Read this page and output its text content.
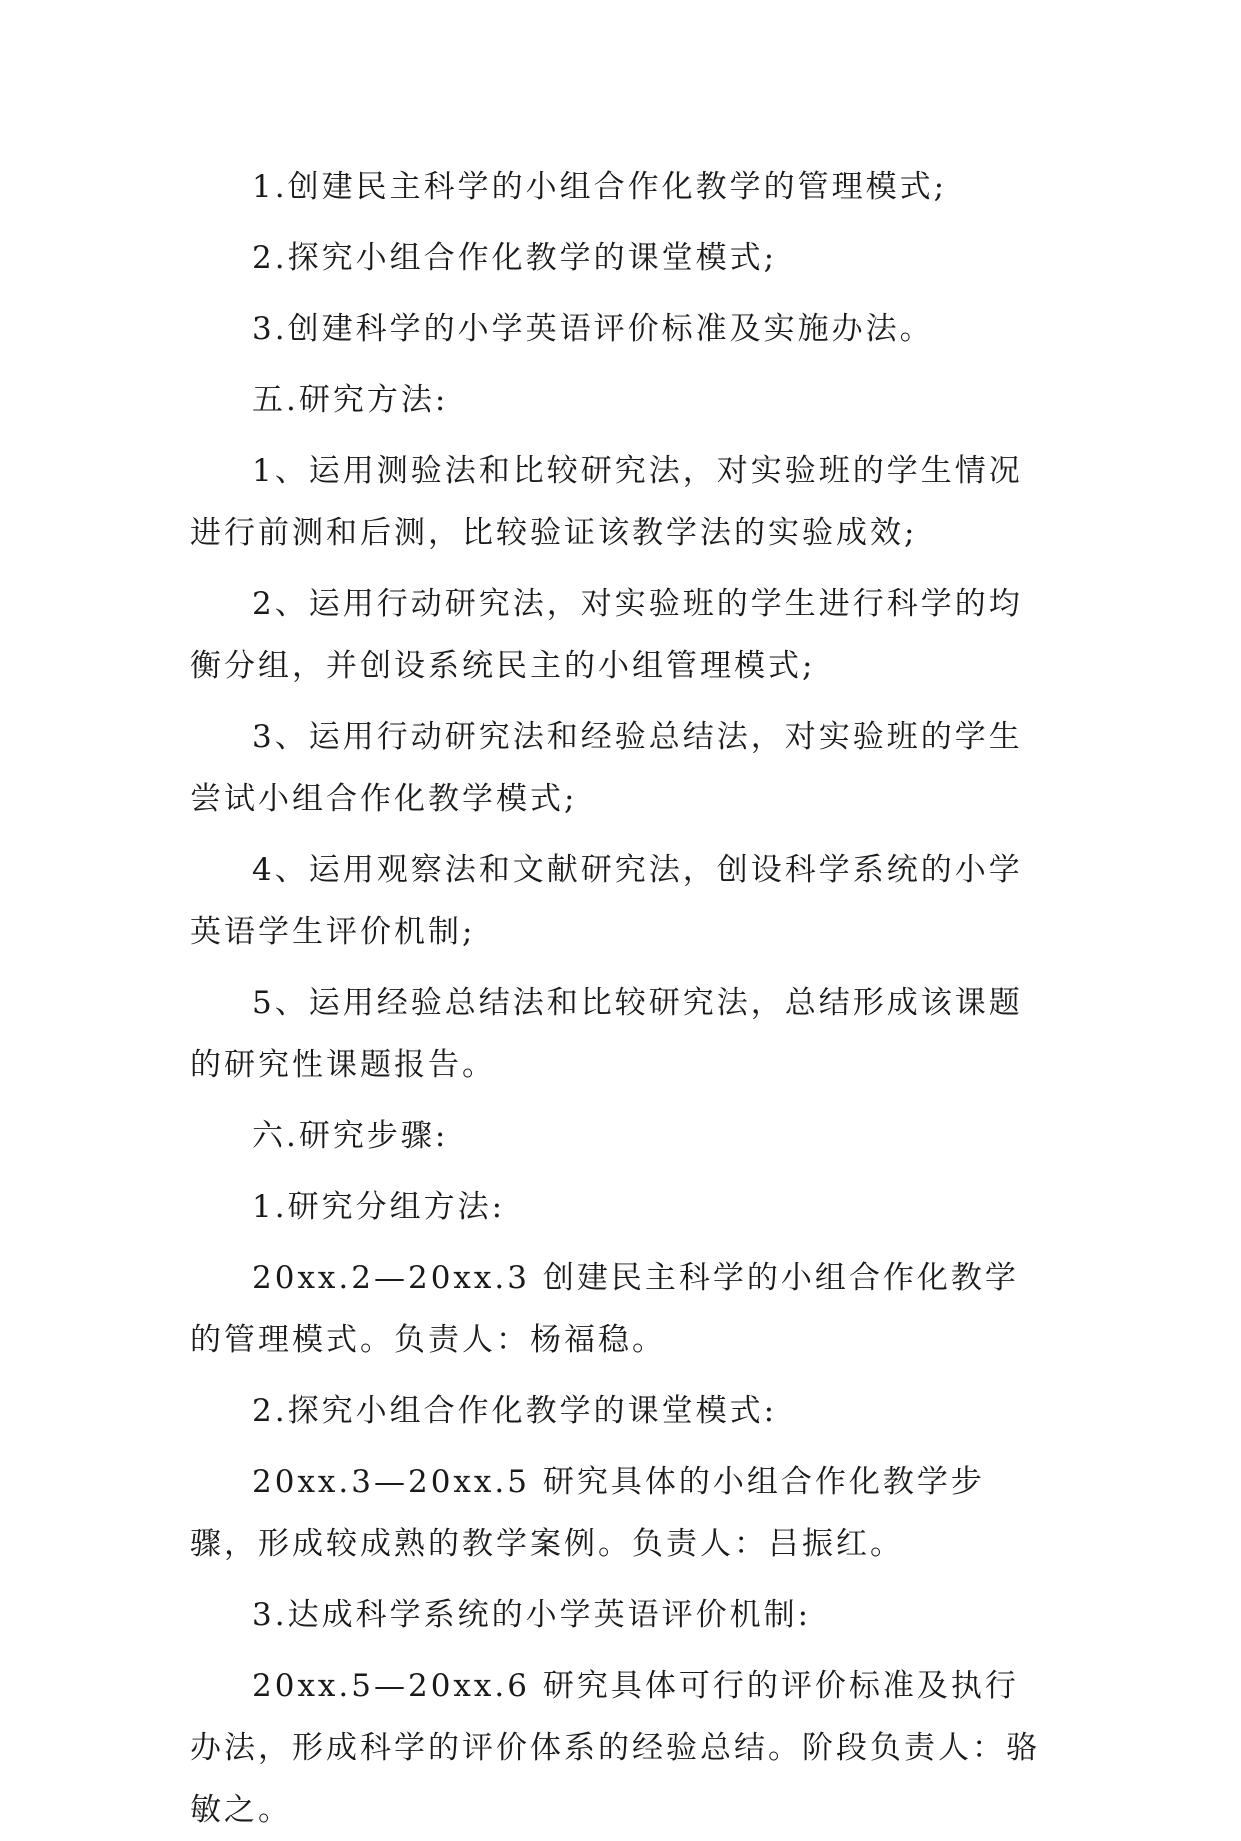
1.创建民主科学的小组合作化教学的管理模式;

2.探究小组合作化教学的课堂模式;

3.创建科学的小学英语评价标准及实施办法。

五.研究方法:

1、运用测验法和比较研究法，对实验班的学生情况进行前测和后测，比较验证该教学法的实验成效;

2、运用行动研究法，对实验班的学生进行科学的均衡分组，并创设系统民主的小组管理模式;

3、运用行动研究法和经验总结法，对实验班的学生尝试小组合作化教学模式;

4、运用观察法和文献研究法，创设科学系统的小学英语学生评价机制;

5、运用经验总结法和比较研究法，总结形成该课题的研究性课题报告。

六.研究步骤:

1.研究分组方法:

20xx.2—20xx.3 创建民主科学的小组合作化教学的管理模式。负责人：杨福稳。

2.探究小组合作化教学的课堂模式:

20xx.3—20xx.5 研究具体的小组合作化教学步骤，形成较成熟的教学案例。负责人：吕振红。

3.达成科学系统的小学英语评价机制:

20xx.5—20xx.6 研究具体可行的评价标准及执行办法，形成科学的评价体系的经验总结。阶段负责人：骆敏之。
